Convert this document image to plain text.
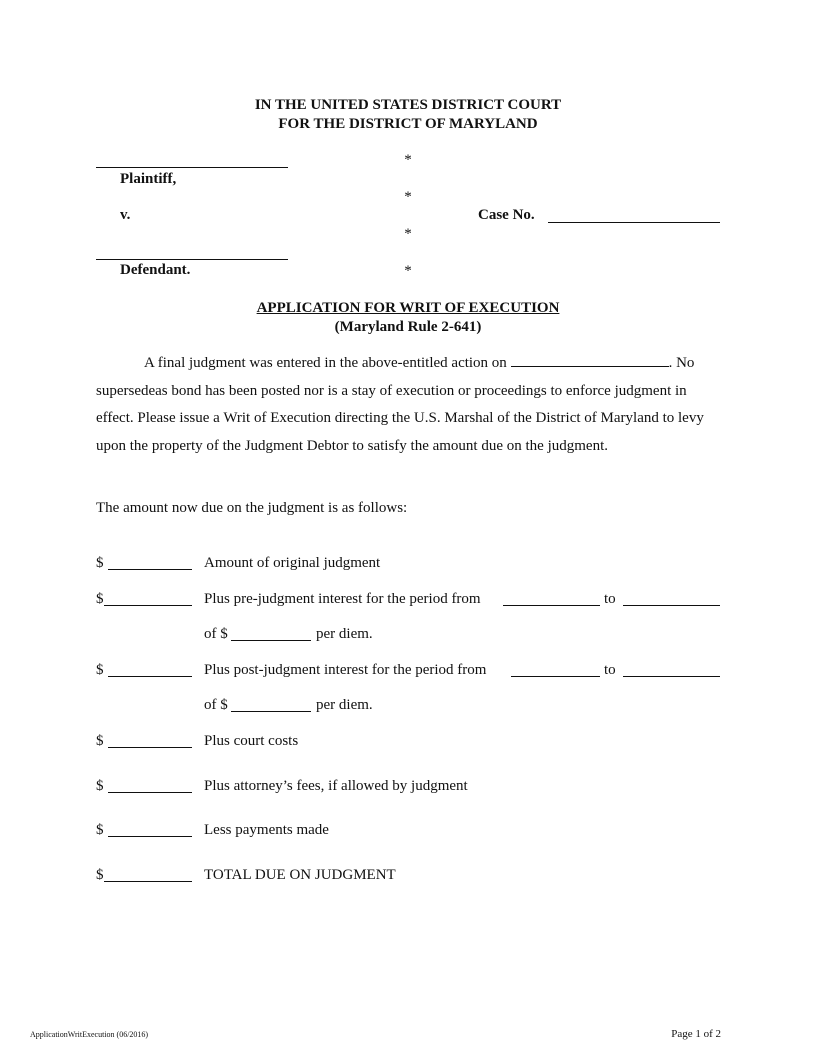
IN THE UNITED STATES DISTRICT COURT
FOR THE DISTRICT OF MARYLAND
Plaintiff,
v.
Defendant.
*
*
*
*
Case No.
APPLICATION FOR WRIT OF EXECUTION
(Maryland Rule 2-641)

A final judgment was entered in the above-entitled action on	. No supersedeas bond has been posted nor is a stay of execution or proceedings to enforce judgment in effect. Please issue a Writ of Execution directing the U.S. Marshal of the District of Maryland to levy upon the property of the Judgment Debtor to satisfy the amount due on the judgment.

The amount now due on the judgment is as follows:
$	Amount of original judgment
$	Plus pre-judgment interest for the period from	to
of $	per diem.
$	Plus post-judgment interest for the period from	to
of $	per diem.
$	Plus court costs
$	Plus attorney’s fees, if allowed by judgment
$	Less payments made
$	TOTAL DUE ON JUDGMENT
ApplicationWritExecution (06/2016)	Page 1 of 2
